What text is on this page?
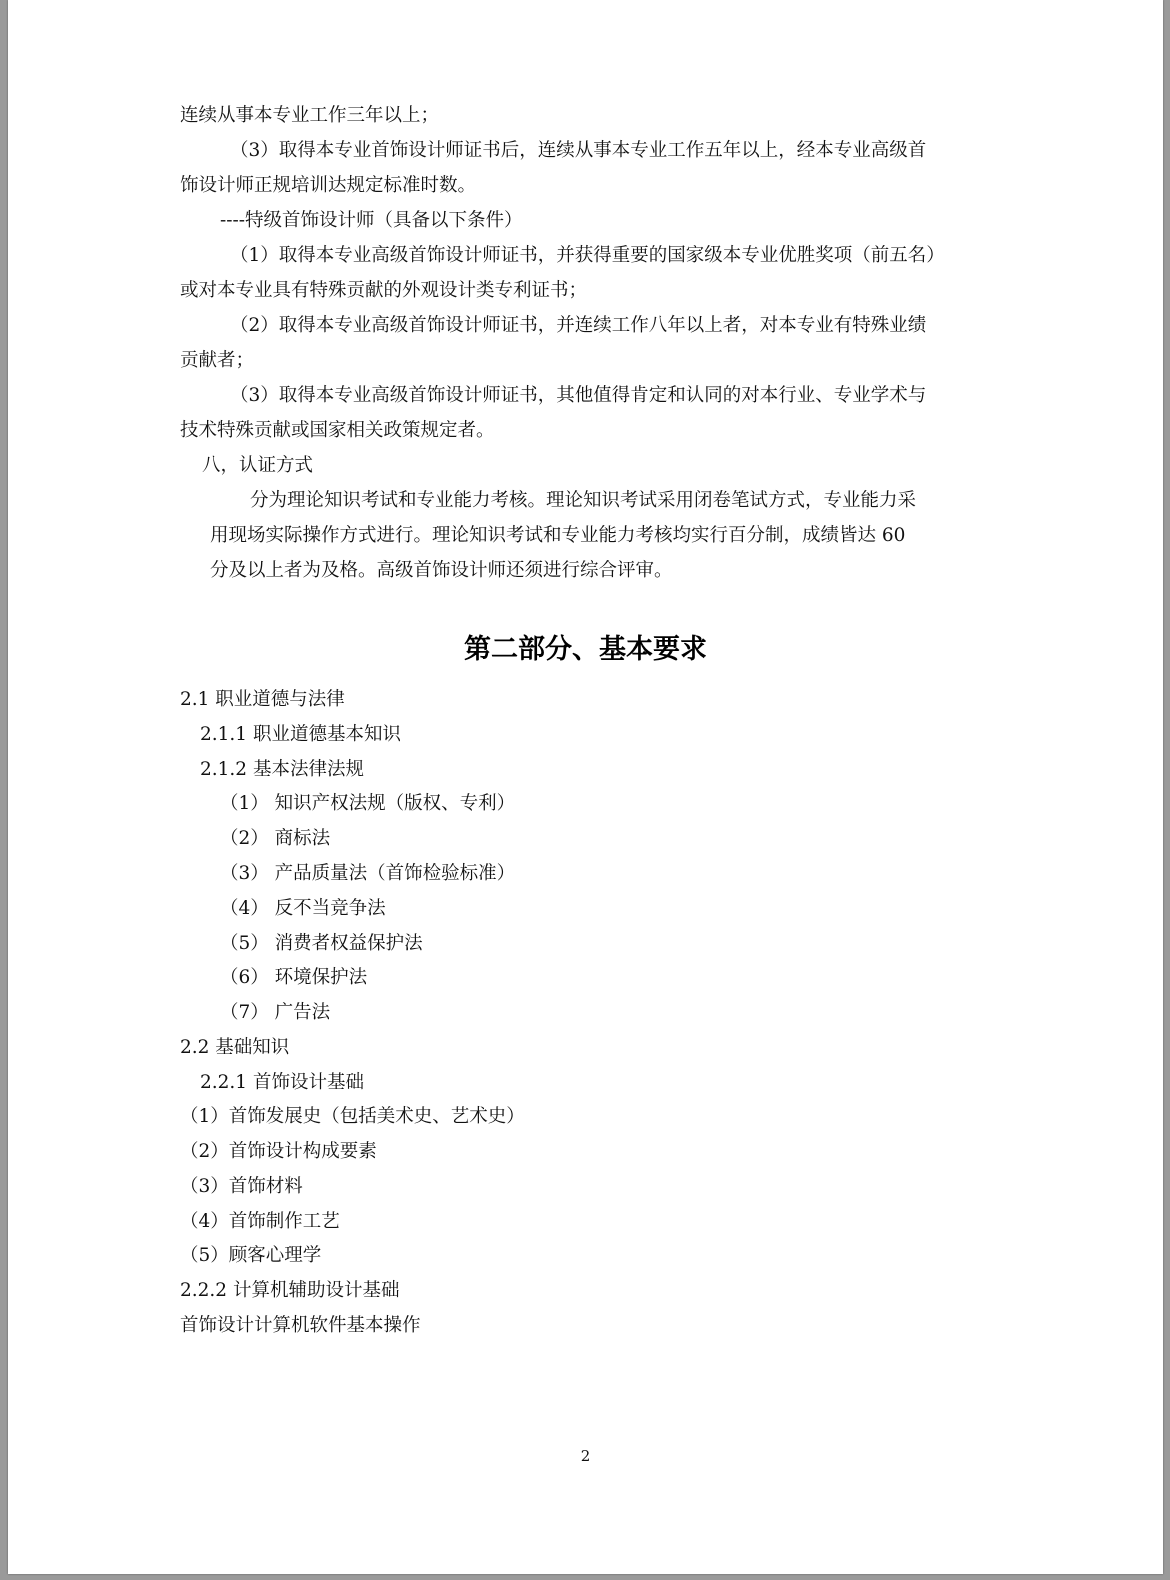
连续从事本专业工作三年以上；
（3）取得本专业首饰设计师证书后，连续从事本专业工作五年以上，经本专业高级首
饰设计师正规培训达规定标准时数。
----特级首饰设计师（具备以下条件）
（1）取得本专业高级首饰设计师证书，并获得重要的国家级本专业优胜奖项（前五名）
或对本专业具有特殊贡献的外观设计类专利证书；
（2）取得本专业高级首饰设计师证书，并连续工作八年以上者，对本专业有特殊业绩
贡献者；
（3）取得本专业高级首饰设计师证书，其他值得肯定和认同的对本行业、专业学术与
技术特殊贡献或国家相关政策规定者。
八，认证方式
分为理论知识考试和专业能力考核。理论知识考试采用闭卷笔试方式，专业能力采
用现场实际操作方式进行。理论知识考试和专业能力考核均实行百分制，成绩皆达 60
分及以上者为及格。高级首饰设计师还须进行综合评审。
第二部分、基本要求
2.1 职业道德与法律
2.1.1 职业道德基本知识
2.1.2 基本法律法规
（1） 知识产权法规（版权、专利）
（2） 商标法
（3） 产品质量法（首饰检验标准）
（4） 反不当竞争法
（5） 消费者权益保护法
（6） 环境保护法
（7） 广告法
2.2 基础知识
2.2.1 首饰设计基础
（1）首饰发展史（包括美术史、艺术史）
（2）首饰设计构成要素
（3）首饰材料
（4）首饰制作工艺
（5）顾客心理学
2.2.2 计算机辅助设计基础
首饰设计计算机软件基本操作
2
